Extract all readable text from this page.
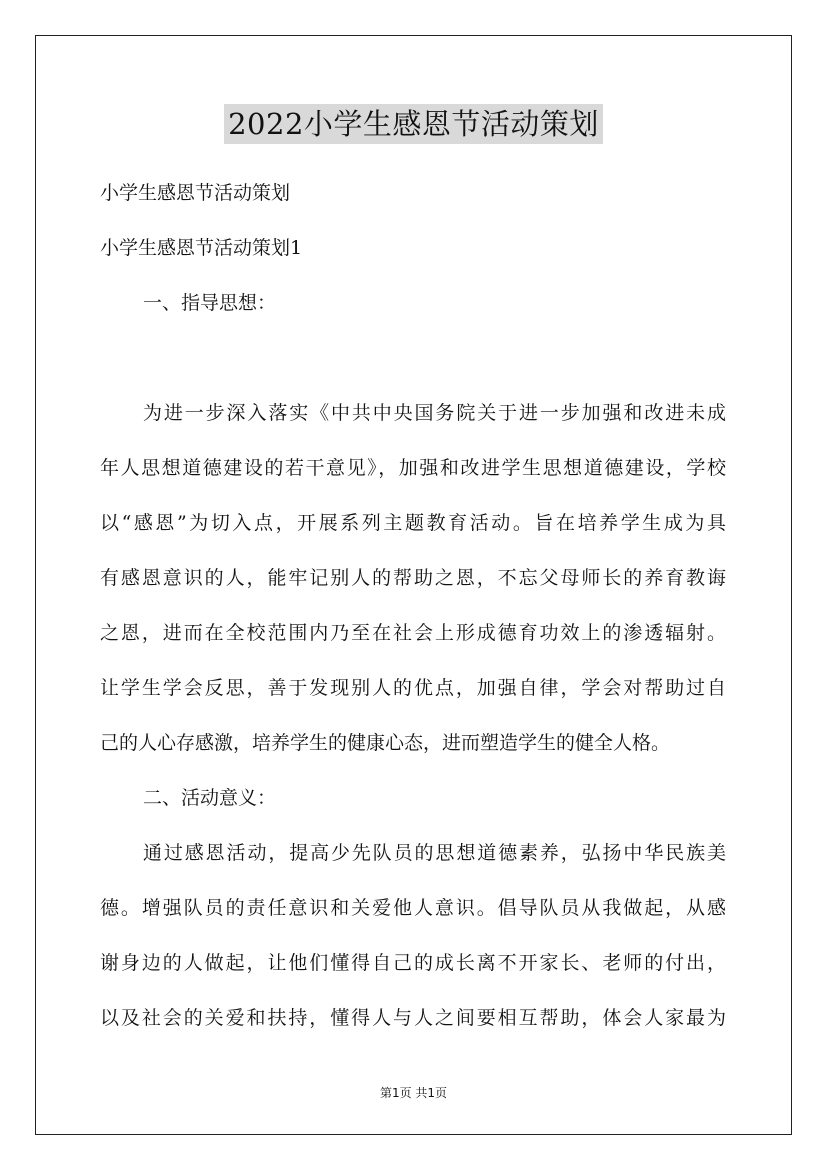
2022小学生感恩节活动策划
小学生感恩节活动策划
小学生感恩节活动策划1
一、指导思想：
为进一步深入落实《中共中央国务院关于进一步加强和改进未成
年人思想道德建设的若干意见》，加强和改进学生思想道德建设，学校
以“感恩”为切入点，开展系列主题教育活动。旨在培养学生成为具
有感恩意识的人，能牢记别人的帮助之恩，不忘父母师长的养育教诲
之恩，进而在全校范围内乃至在社会上形成德育功效上的渗透辐射。
让学生学会反思，善于发现别人的优点，加强自律，学会对帮助过自
己的人心存感激，培养学生的健康心态，进而塑造学生的健全人格。
二、活动意义：
通过感恩活动，提高少先队员的思想道德素养，弘扬中华民族美
德。增强队员的责任意识和关爱他人意识。倡导队员从我做起，从感
谢身边的人做起，让他们懂得自己的成长离不开家长、老师的付出，
以及社会的关爱和扶持，懂得人与人之间要相互帮助，体会人家最为
第1页 共1页
